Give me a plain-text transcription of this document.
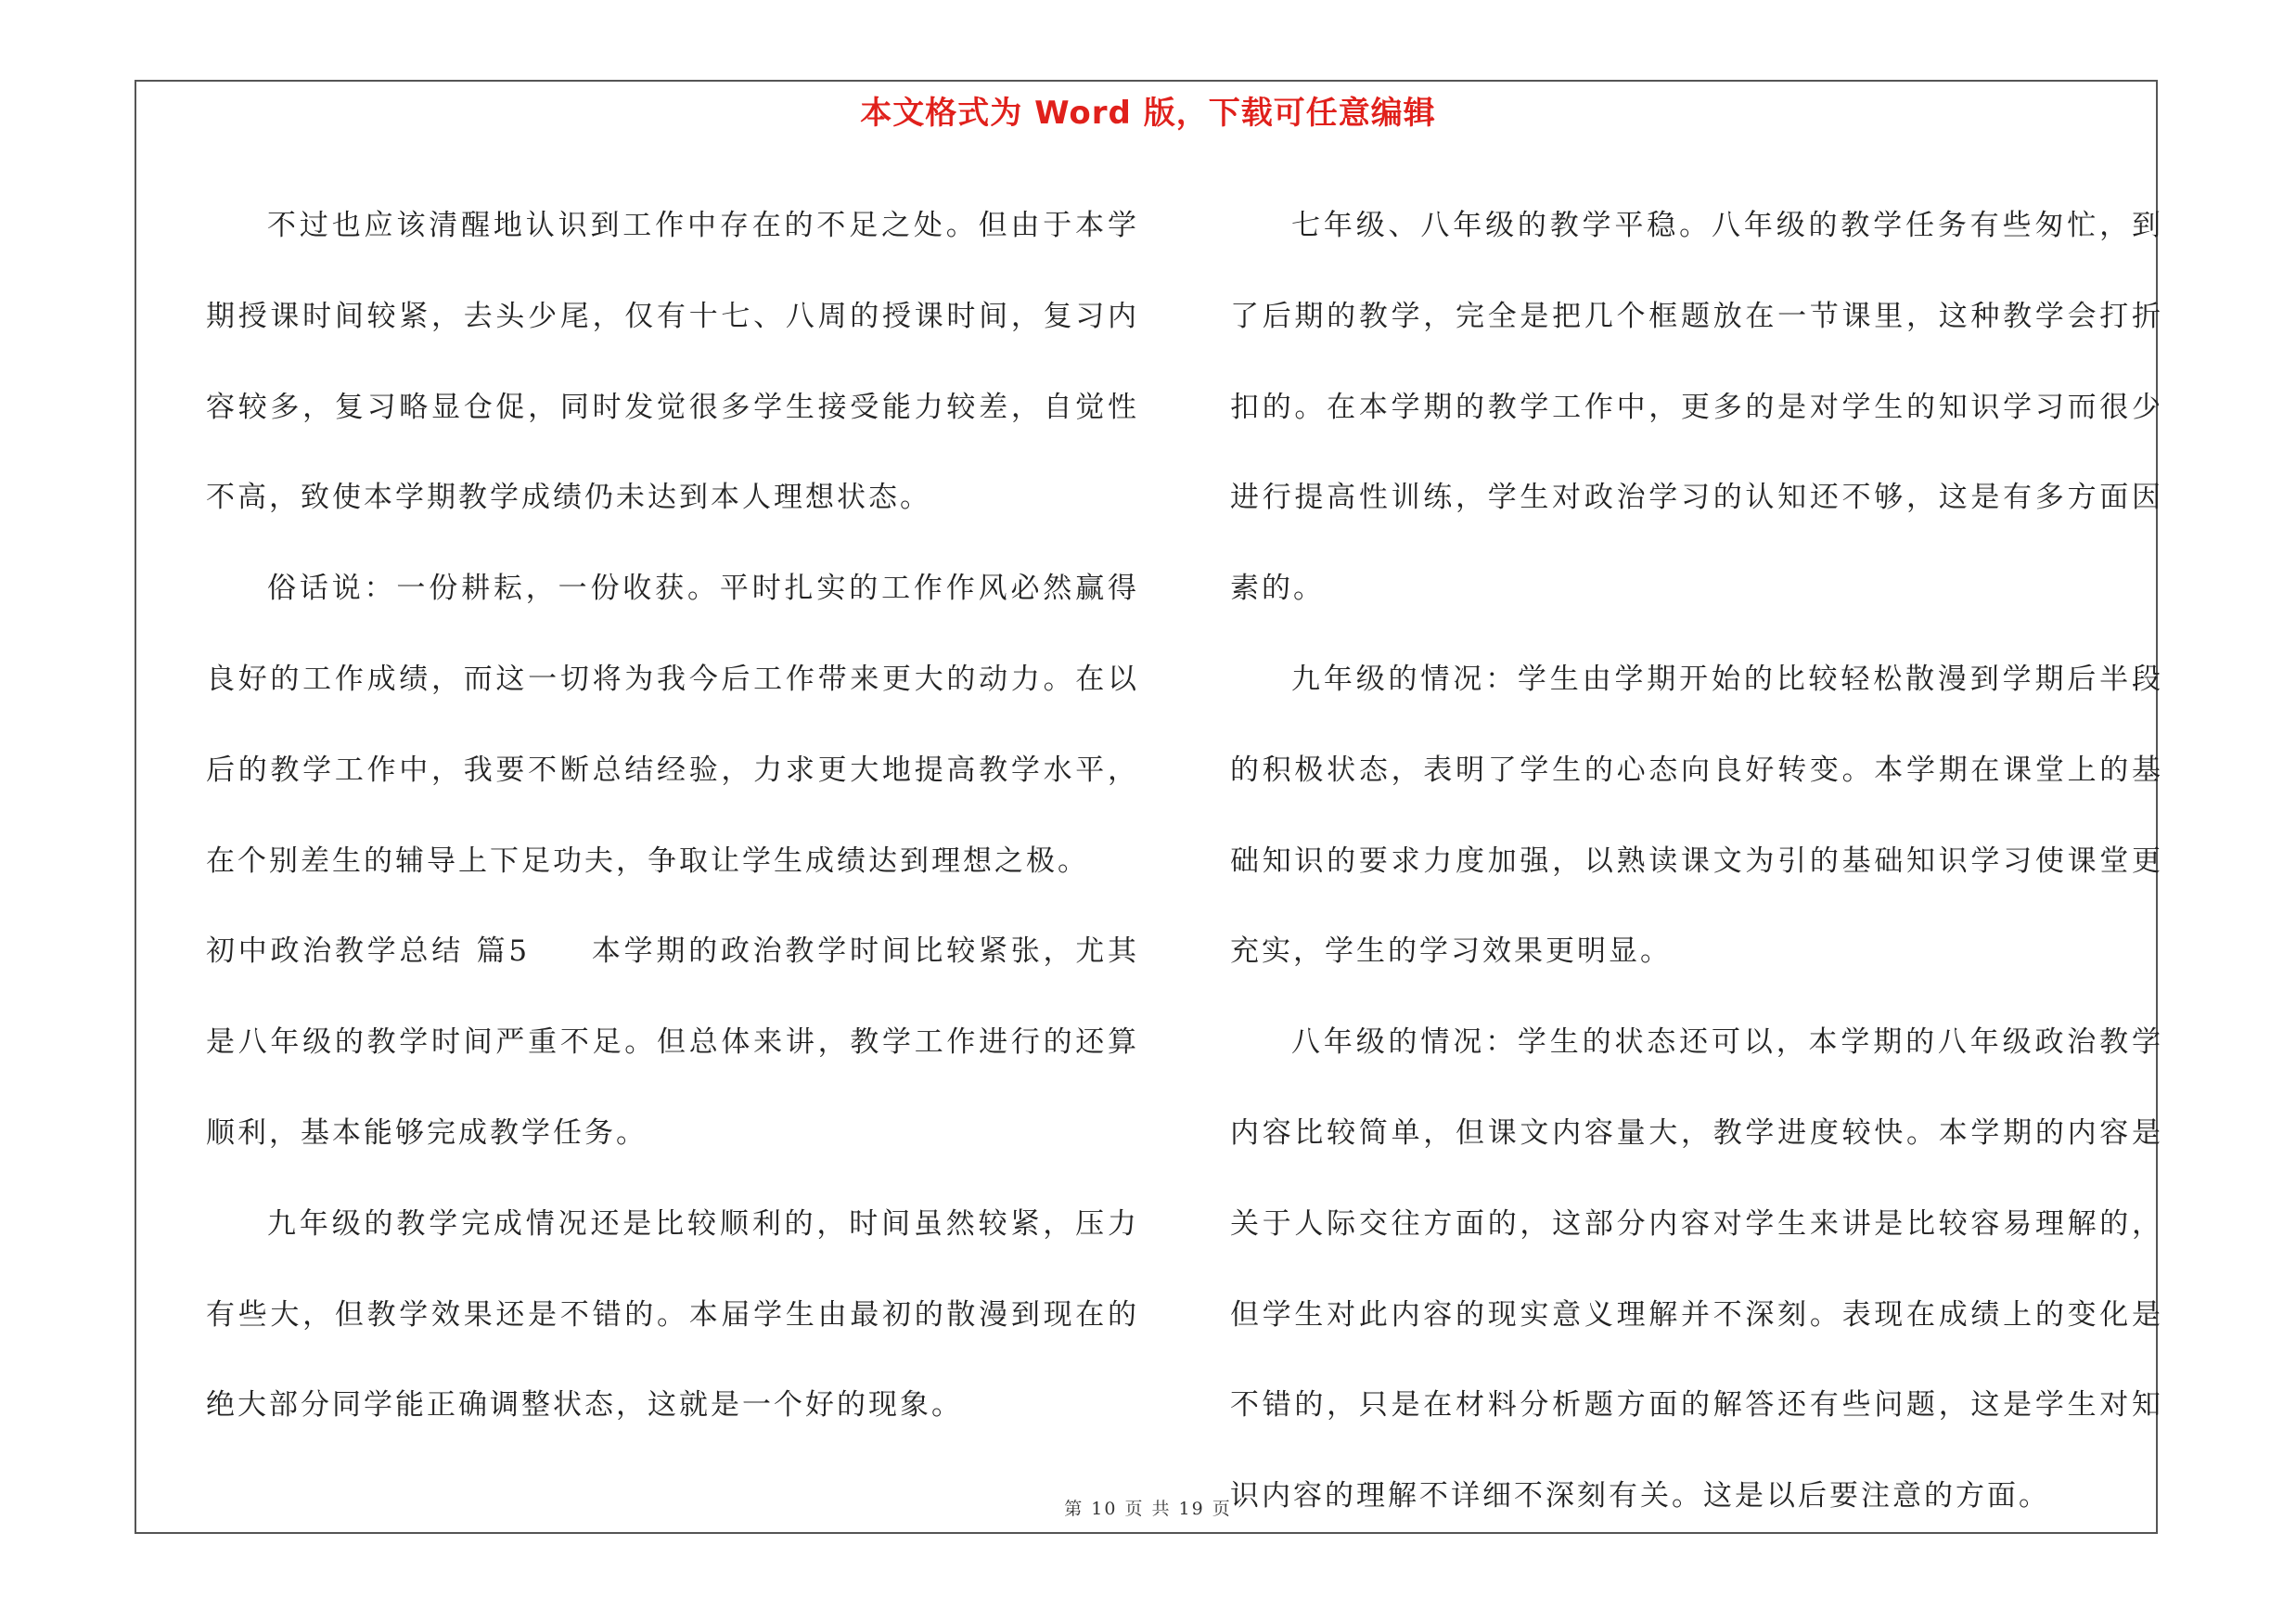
本文格式为 Word 版，下载可任意编辑

不过也应该清醒地认识到工作中存在的不足之处。但由于本学期授课时间较紧，去头少尾，仅有十七、八周的授课时间，复习内容较多，复习略显仓促，同时发觉很多学生接受能力较差，自觉性不高，致使本学期教学成绩仍未达到本人理想状态。

俗话说：一份耕耘，一份收获。平时扎实的工作作风必然赢得良好的工作成绩，而这一切将为我今后工作带来更大的动力。在以后的教学工作中，我要不断总结经验，力求更大地提高教学水平，在个别差生的辅导上下足功夫，争取让学生成绩达到理想之极。

初中政治教学总结 篇5 本学期的政治教学时间比较紧张，尤其是八年级的教学时间严重不足。但总体来讲，教学工作进行的还算顺利，基本能够完成教学任务。

九年级的教学完成情况还是比较顺利的，时间虽然较紧，压力有些大，但教学效果还是不错的。本届学生由最初的散漫到现在的绝大部分同学能正确调整状态，这就是一个好的现象。

七年级、八年级的教学平稳。八年级的教学任务有些匆忙，到了后期的教学，完全是把几个框题放在一节课里，这种教学会打折扣的。在本学期的教学工作中，更多的是对学生的知识学习而很少进行提高性训练，学生对政治学习的认知还不够，这是有多方面因素的。

九年级的情况：学生由学期开始的比较轻松散漫到学期后半段的积极状态，表明了学生的心态向良好转变。本学期在课堂上的基础知识的要求力度加强，以熟读课文为引的基础知识学习使课堂更充实，学生的学习效果更明显。

八年级的情况：学生的状态还可以，本学期的八年级政治教学内容比较简单，但课文内容量大，教学进度较快。本学期的内容是关于人际交往方面的，这部分内容对学生来讲是比较容易理解的，但学生对此内容的现实意义理解并不深刻。表现在成绩上的变化是不错的，只是在材料分析题方面的解答还有些问题，这是学生对知识内容的理解不详细不深刻有关。这是以后要注意的方面。

第 10 页 共 19 页
